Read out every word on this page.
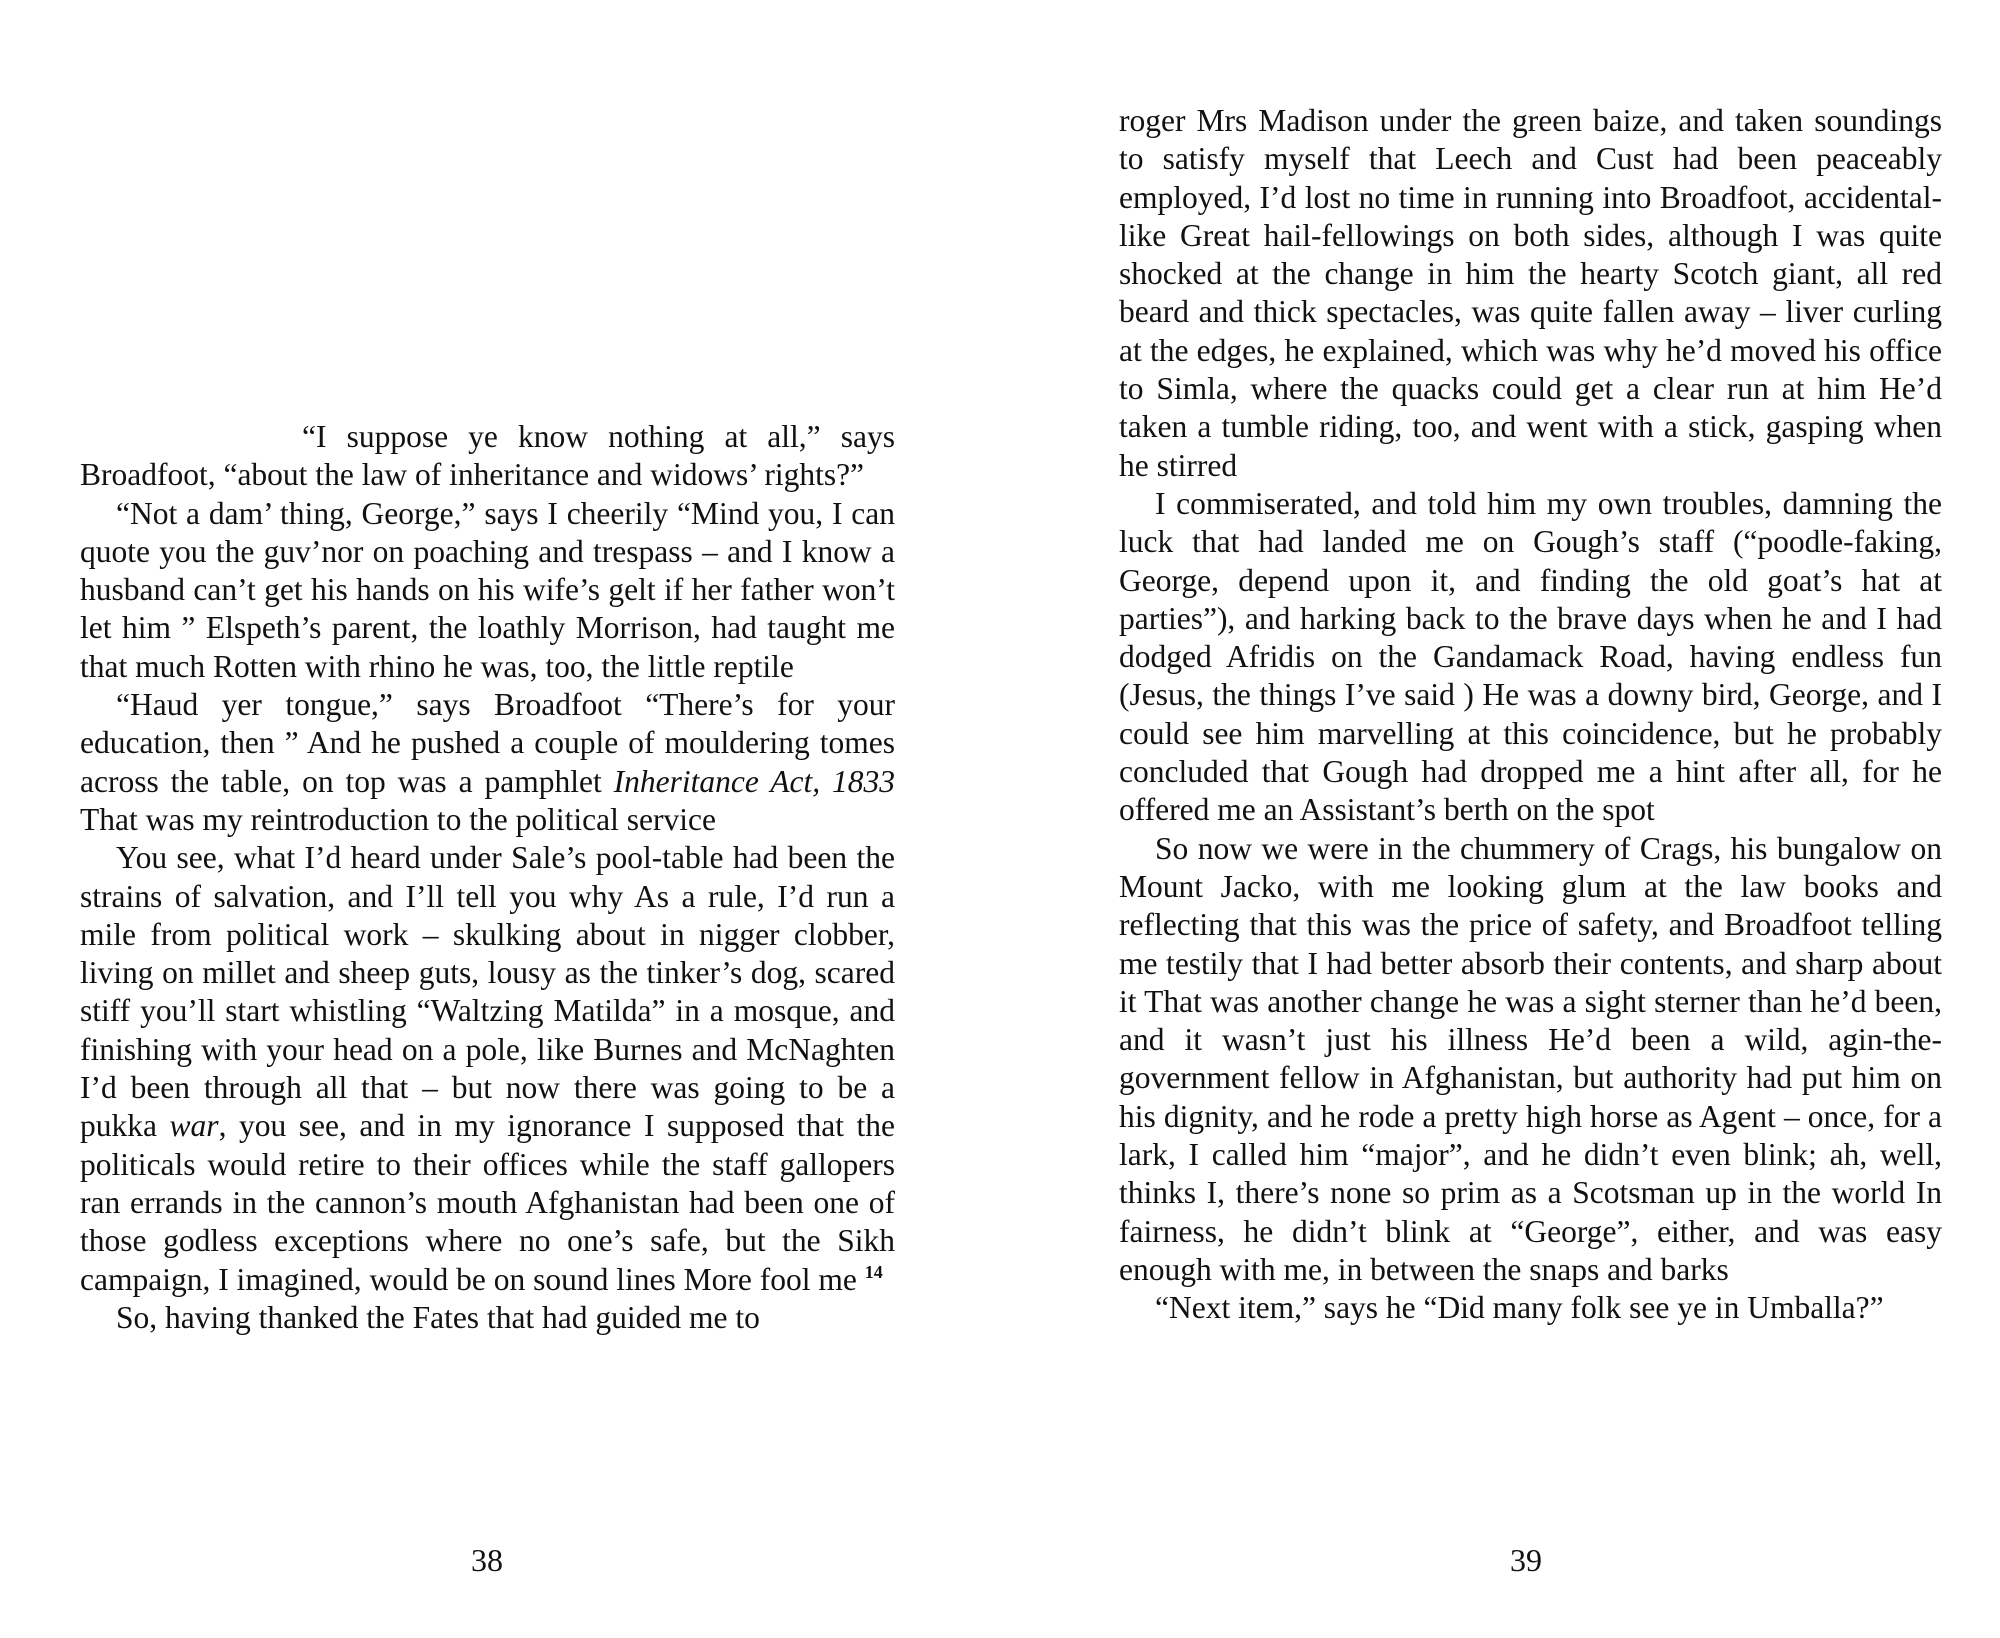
“I suppose ye know nothing at all,” says Broadfoot, “about the law of inheritance and widows’ rights?”

“Not a dam’ thing, George,” says I cheerily “Mind you, I can quote you the guv’nor on poaching and trespass – and I know a husband can’t get his hands on his wife’s gelt if her father won’t let him ” Elspeth’s parent, the loathly Morrison, had taught me that much Rotten with rhino he was, too, the little reptile

“Haud yer tongue,” says Broadfoot “There’s for your education, then ” And he pushed a couple of mouldering tomes across the table, on top was a pamphlet Inheritance Act, 1833 That was my reintroduction to the political service

You see, what I’d heard under Sale’s pool-table had been the strains of salvation, and I’ll tell you why As a rule, I’d run a mile from political work – skulking about in nigger clobber, living on millet and sheep guts, lousy as the tinker’s dog, scared stiff you’ll start whistling “Waltzing Matilda” in a mosque, and finishing with your head on a pole, like Burnes and McNaghten I’d been through all that – but now there was going to be a pukka war, you see, and in my ignorance I supposed that the politicals would retire to their offices while the staff gallopers ran errands in the cannon’s mouth Afghanistan had been one of those godless exceptions where no one’s safe, but the Sikh campaign, I imagined, would be on sound lines More fool me $^{14}$

So, having thanked the Fates that had guided me to

38

roger Mrs Madison under the green baize, and taken soundings to satisfy myself that Leech and Cust had been peaceably employed, I’d lost no time in running into Broadfoot, accidental-like Great hail-fellowings on both sides, although I was quite shocked at the change in him the hearty Scotch giant, all red beard and thick spectacles, was quite fallen away – liver curling at the edges, he explained, which was why he’d moved his office to Simla, where the quacks could get a clear run at him He’d taken a tumble riding, too, and went with a stick, gasping when he stirred

I commiserated, and told him my own troubles, damning the luck that had landed me on Gough’s staff (“poodle-faking, George, depend upon it, and finding the old goat’s hat at parties”), and harking back to the brave days when he and I had dodged Afridis on the Gandamack Road, having endless fun (Jesus, the things I’ve said ) He was a downy bird, George, and I could see him marvelling at this coincidence, but he probably concluded that Gough had dropped me a hint after all, for he offered me an Assistant’s berth on the spot

So now we were in the chummery of Crags, his bungalow on Mount Jacko, with me looking glum at the law books and reflecting that this was the price of safety, and Broadfoot telling me testily that I had better absorb their contents, and sharp about it That was another change he was a sight sterner than he’d been, and it wasn’t just his illness He’d been a wild, agin-the-government fellow in Afghanistan, but authority had put him on his dignity, and he rode a pretty high horse as Agent – once, for a lark, I called him “major”, and he didn’t even blink; ah, well, thinks I, there’s none so prim as a Scotsman up in the world In fairness, he didn’t blink at “George”, either, and was easy enough with me, in between the snaps and barks

“Next item,” says he “Did many folk see ye in Umballa?”

39
